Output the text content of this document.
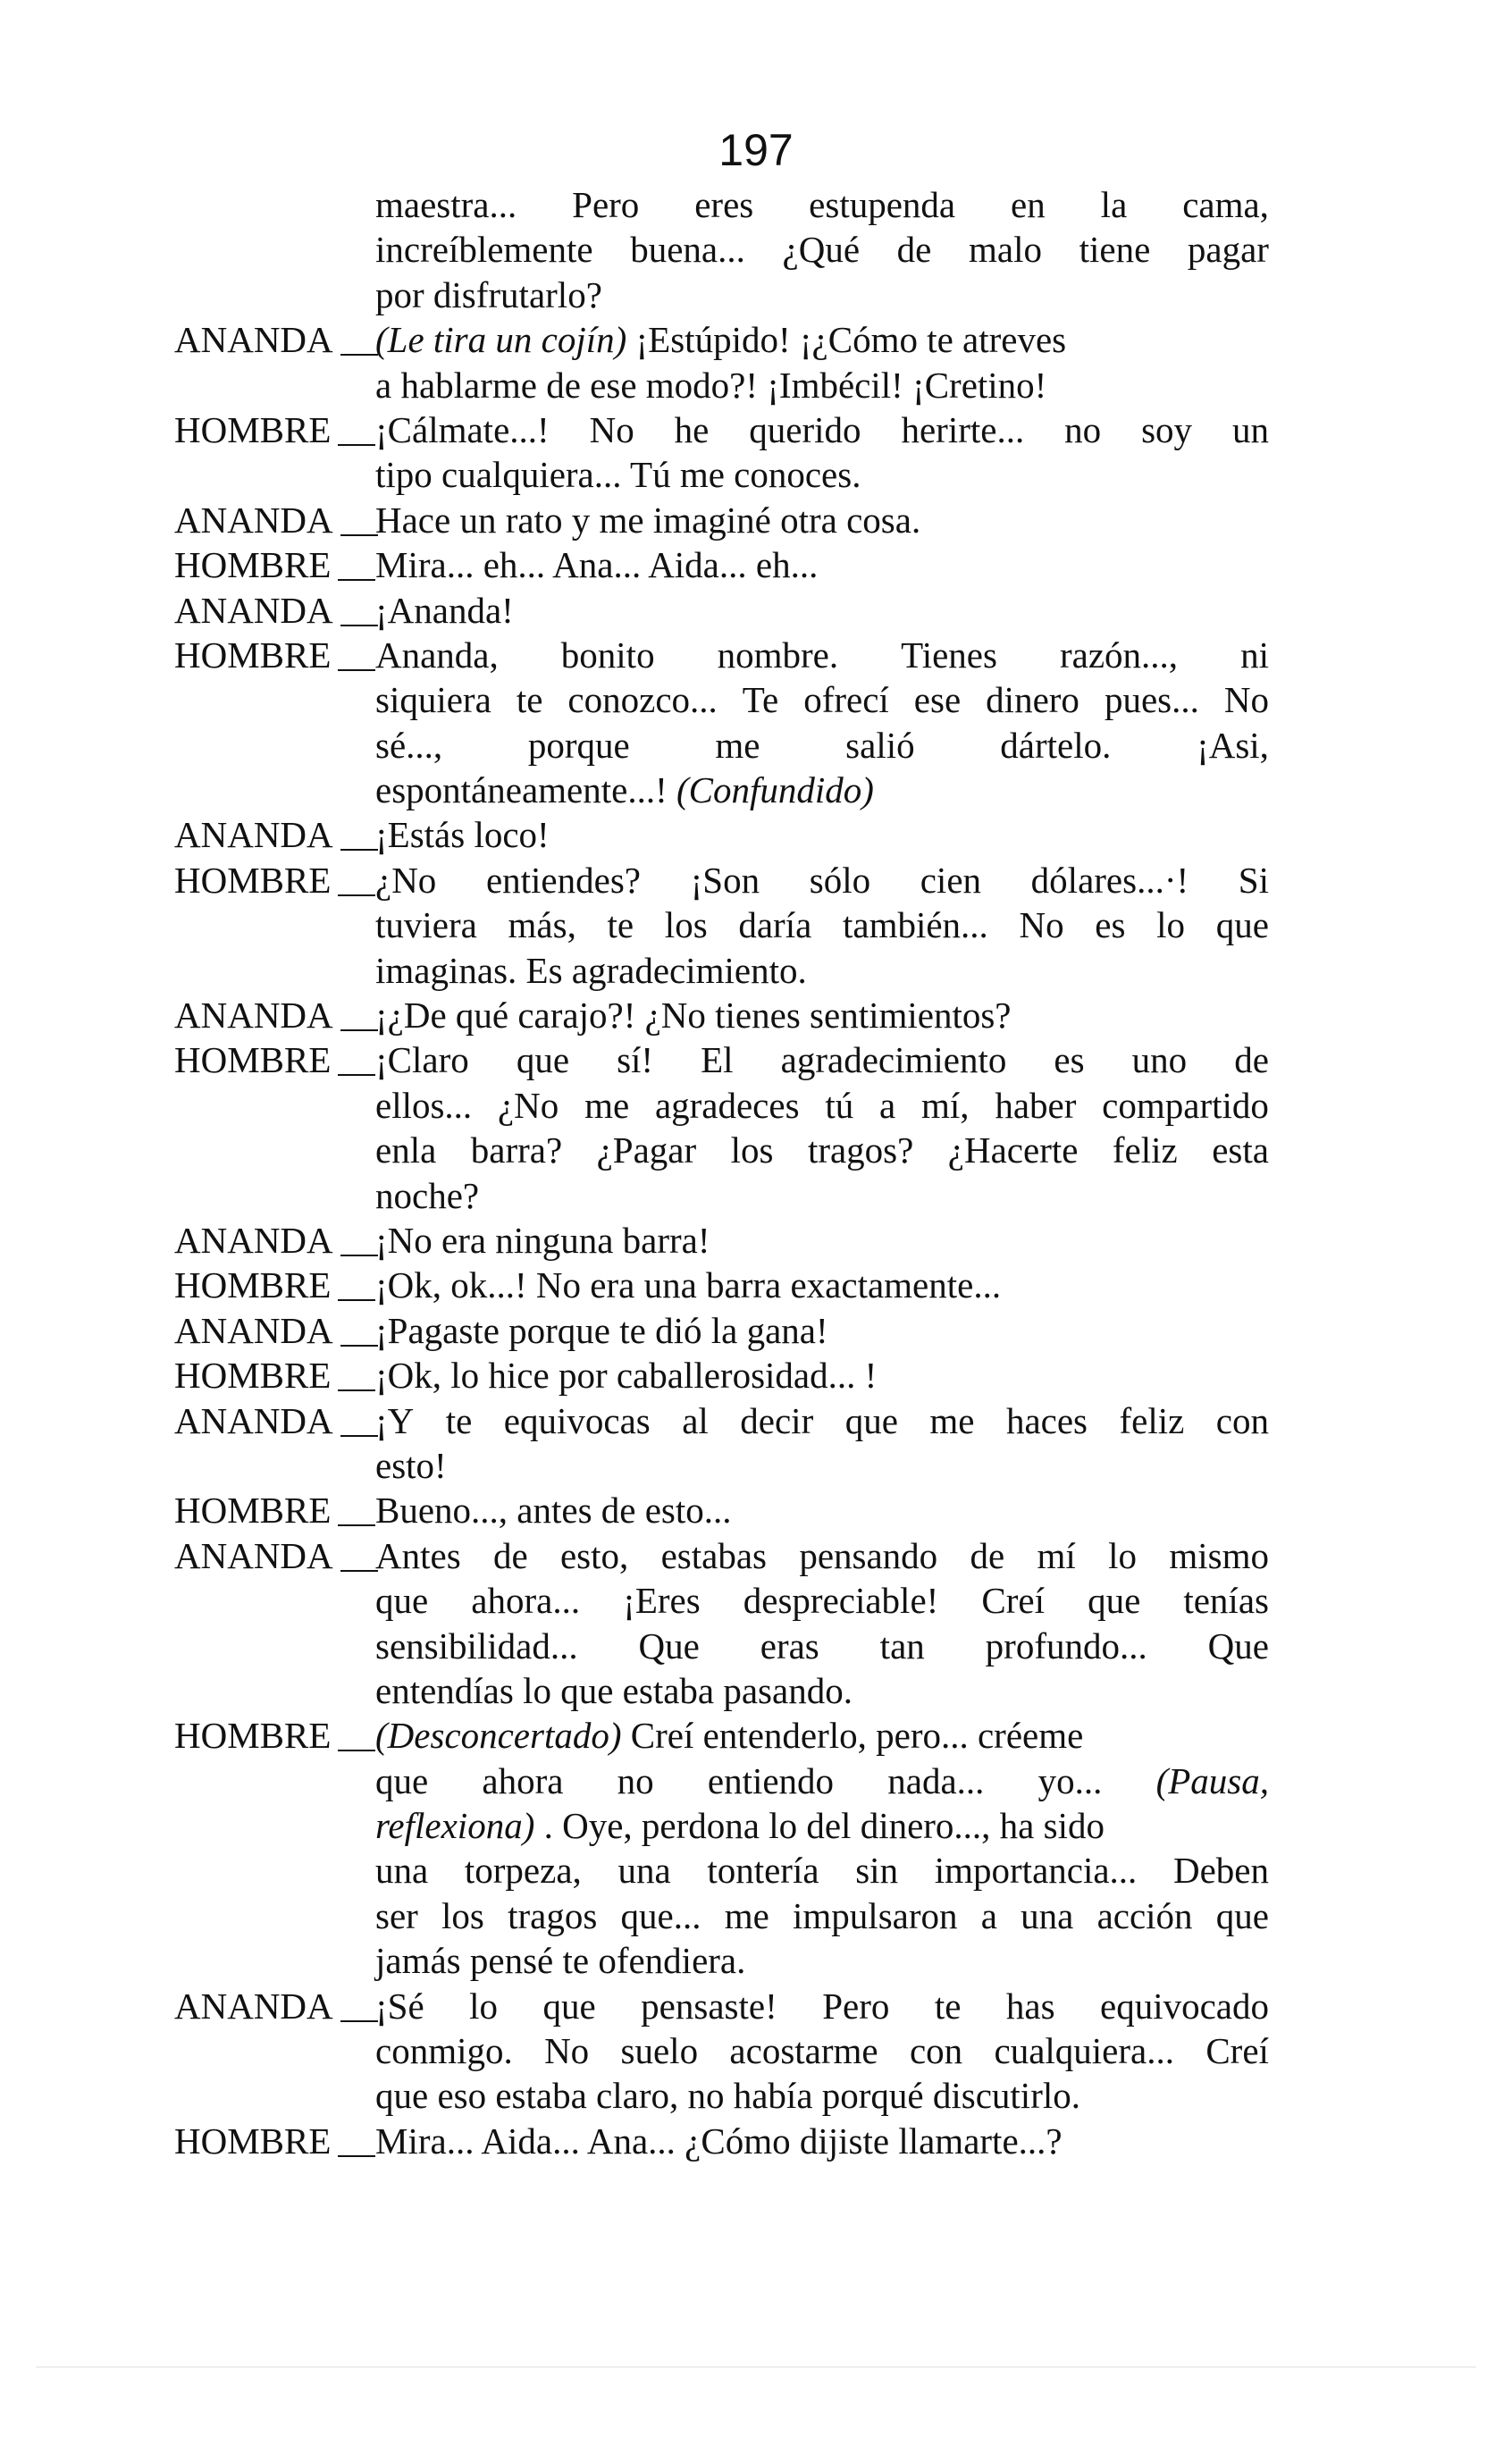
197
maestra... Pero eres estupenda en la cama,
increíblemente buena... ¿Qué de malo tiene pagar
por disfrutarlo?
ANANDA	(Le tira un cojín) ¡Estúpido! ¡¿Cómo te atreves
a hablarme de ese modo?! ¡Imbécil! ¡Cretino!
HOMBRE	¡Cálmate...! No he querido herirte... no soy un
tipo cualquiera... Tú me conoces.
ANANDA	Hace un rato y me imaginé otra cosa.
HOMBRE	Mira... eh... Ana... Aida... eh...
ANANDA	¡Ananda!
HOMBRE	Ananda, bonito nombre. Tienes razón..., ni
siquiera te conozco... Te ofrecí ese dinero pues... No
sé..., porque me salió dártelo. ¡Asi,
espontáneamente...! (Confundido)
ANANDA	¡Estás loco!
HOMBRE	¿No entiendes? ¡Son sólo cien dólares...·! Si
tuviera más, te los daría también... No es lo que
imaginas. Es agradecimiento.
ANANDA	¡¿De qué carajo?! ¿No tienes sentimientos?
HOMBRE	¡Claro que sí! El agradecimiento es uno de
ellos... ¿No me agradeces tú a mí, haber compartido
enla barra? ¿Pagar los tragos? ¿Hacerte feliz esta
noche?
ANANDA	¡No era ninguna barra!
HOMBRE	¡Ok, ok...! No era una barra exactamente...
ANANDA	¡Pagaste porque te dió la gana!
HOMBRE	¡Ok, lo hice por caballerosidad... !
ANANDA	¡Y te equivocas al decir que me haces feliz con
esto!
HOMBRE	Bueno..., antes de esto...
ANANDA	Antes de esto, estabas pensando de mí lo mismo
que ahora... ¡Eres despreciable! Creí que tenías
sensibilidad... Que eras tan profundo... Que
entendías lo que estaba pasando.
HOMBRE	(Desconcertado) Creí entenderlo, pero... créeme
que ahora no entiendo nada... yo... (Pausa,
reflexiona) . Oye, perdona lo del dinero..., ha sido
una torpeza, una tontería sin importancia... Deben
ser los tragos que... me impulsaron a una acción que
jamás pensé te ofendiera.
ANANDA	¡Sé lo que pensaste! Pero te has equivocado
conmigo. No suelo acostarme con cualquiera... Creí
que eso estaba claro, no había porqué discutirlo.
HOMBRE	Mira... Aida... Ana... ¿Cómo dijiste llamarte...?
